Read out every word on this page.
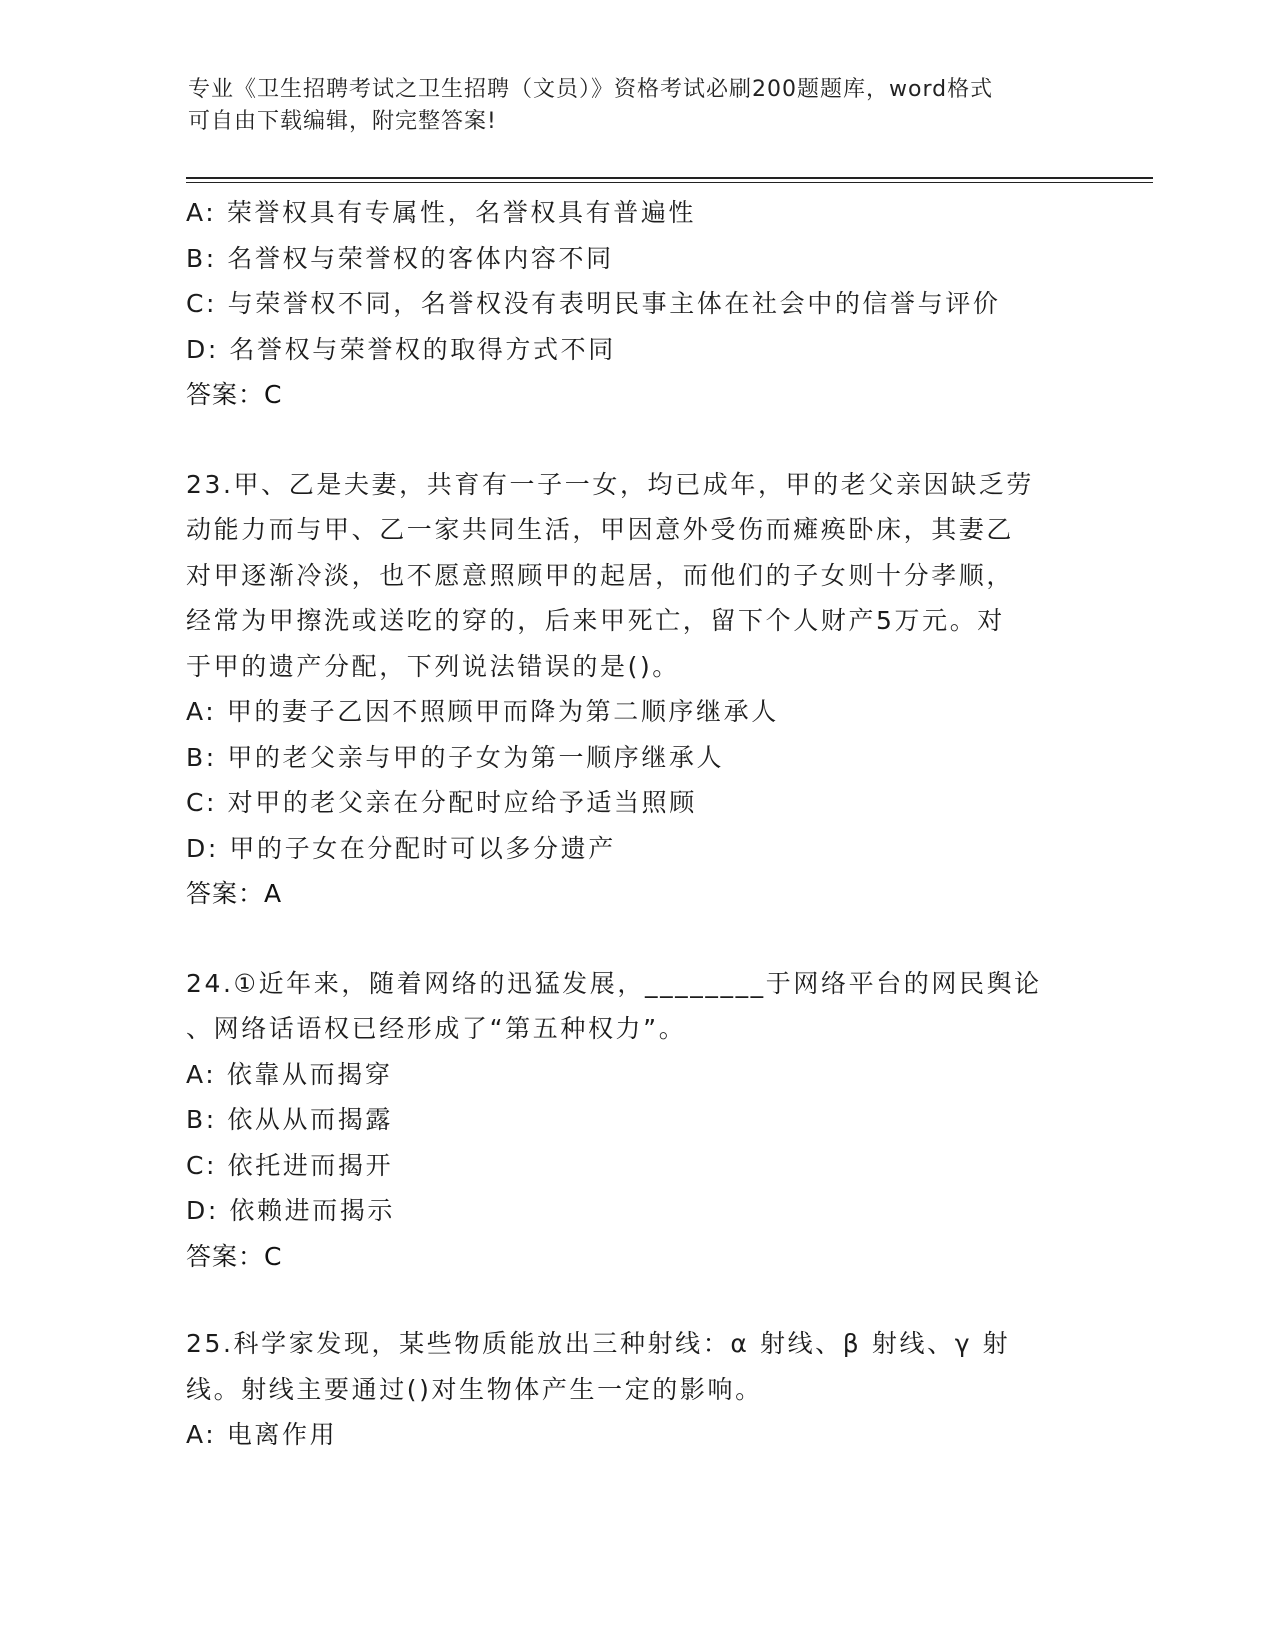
专业《卫生招聘考试之卫生招聘（文员）》资格考试必刷200题题库，word格式
可自由下载编辑，附完整答案!
A: 荣誉权具有专属性，名誉权具有普遍性
B: 名誉权与荣誉权的客体内容不同
C: 与荣誉权不同，名誉权没有表明民事主体在社会中的信誉与评价
D: 名誉权与荣誉权的取得方式不同
答案：C
23.甲、乙是夫妻，共育有一子一女，均已成年，甲的老父亲因缺乏劳
动能力而与甲、乙一家共同生活，甲因意外受伤而瘫痪卧床，其妻乙
对甲逐渐冷淡，也不愿意照顾甲的起居，而他们的子女则十分孝顺，
经常为甲擦洗或送吃的穿的，后来甲死亡，留下个人财产5万元。对
于甲的遗产分配，下列说法错误的是()。
A: 甲的妻子乙因不照顾甲而降为第二顺序继承人
B: 甲的老父亲与甲的子女为第一顺序继承人
C: 对甲的老父亲在分配时应给予适当照顾
D: 甲的子女在分配时可以多分遗产
答案：A
24.①近年来，随着网络的迅猛发展，________于网络平台的网民舆论
、网络话语权已经形成了“第五种权力”。
A: 依靠从而揭穿
B: 依从从而揭露
C: 依托进而揭开
D: 依赖进而揭示
答案：C
25.科学家发现，某些物质能放出三种射线：α 射线、β 射线、γ 射
线。射线主要通过()对生物体产生一定的影响。
A: 电离作用
